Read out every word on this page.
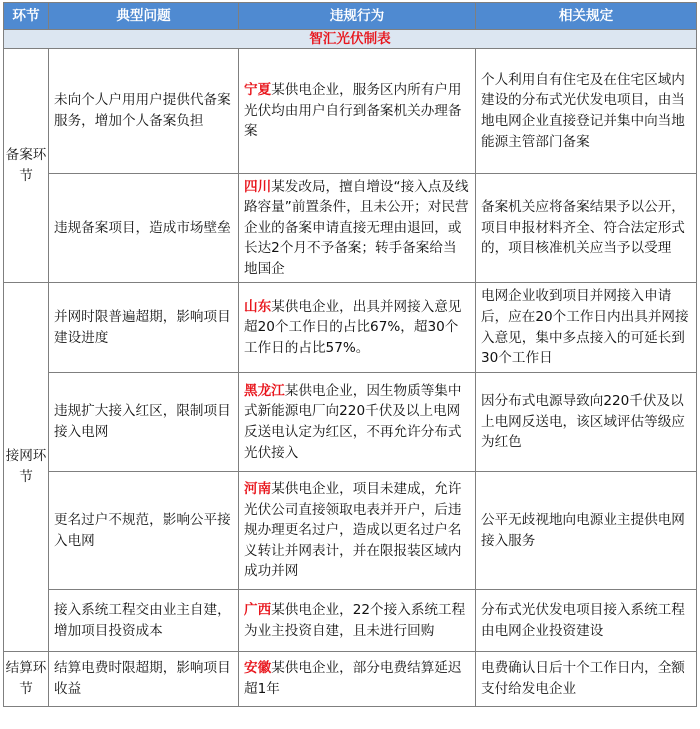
环节	典型问题	违规行为	相关规定
智汇光伏制表			
备案环节	未向个人户用用户提供代备案服务，增加个人备案负担	宁夏某供电企业，服务区内所有户用光伏均由用户自行到备案机关办理备案	个人利用自有住宅及在住宅区域内建设的分布式光伏发电项目，由当地电网企业直接登记并集中向当地能源主管部门备案
	违规备案项目，造成市场壁垒	四川某发改局，擅自增设“接入点及线路容量”前置条件，且未公开；对民营企业的备案申请直接无理由退回，或长达2个月不予备案；转手备案给当地国企	备案机关应将备案结果予以公开，项目申报材料齐全、符合法定形式的，项目核准机关应当予以受理
接网环节	并网时限普遍超期，影响项目建设进度	山东某供电企业，出具并网接入意见超20个工作日的占比67%，超30个工作日的占比57%。	电网企业收到项目并网接入申请后，应在20个工作日内出具并网接入意见，集中多点接入的可延长到30个工作日
	违规扩大接入红区，限制项目接入电网	黑龙江某供电企业，因生物质等集中式新能源电厂向220千伏及以上电网反送电认定为红区，不再允许分布式光伏接入	因分布式电源导致向220千伏及以上电网反送电，该区域评估等级应为红色
	更名过户不规范，影响公平接入电网	河南某供电企业，项目未建成，允许光伏公司直接领取电表并开户，后违规办理更名过户，造成以更名过户名义转让并网表计，并在限报装区域内成功并网	公平无歧视地向电源业主提供电网接入服务
	接入系统工程交由业主自建，增加项目投资成本	广西某供电企业，22个接入系统工程为业主投资自建，且未进行回购	分布式光伏发电项目接入系统工程由电网企业投资建设
结算环节	结算电费时限超期，影响项目收益	安徽某供电企业，部分电费结算延迟超1年	电费确认日后十个工作日内，全额支付给发电企业
